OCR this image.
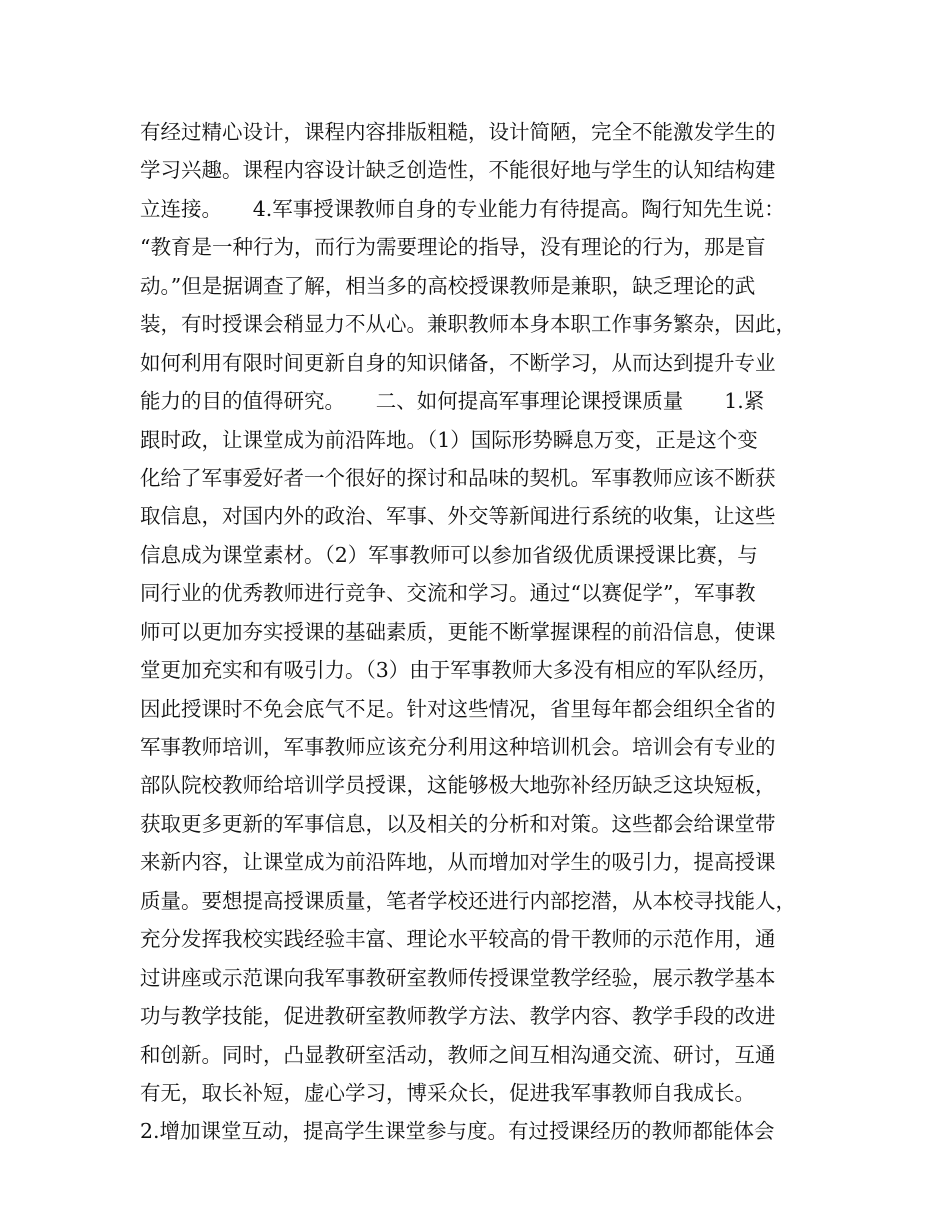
有经过精心设计，课程内容排版粗糙，设计简陋，完全不能激发学生的
学习兴趣。课程内容设计缺乏创造性，不能很好地与学生的认知结构建
立连接。　　4.军事授课教师自身的专业能力有待提高。陶行知先生说：
“教育是一种行为，而行为需要理论的指导，没有理论的行为，那是盲
动。”但是据调查了解，相当多的高校授课教师是兼职，缺乏理论的武
装，有时授课会稍显力不从心。兼职教师本身本职工作事务繁杂，因此，
如何利用有限时间更新自身的知识储备，不断学习，从而达到提升专业
能力的目的值得研究。　　二、如何提高军事理论课授课质量　　1.紧
跟时政，让课堂成为前沿阵地。（1）国际形势瞬息万变，正是这个变
化给了军事爱好者一个很好的探讨和品味的契机。军事教师应该不断获
取信息，对国内外的政治、军事、外交等新闻进行系统的收集，让这些
信息成为课堂素材。（2）军事教师可以参加省级优质课授课比赛，与
同行业的优秀教师进行竞争、交流和学习。通过“以赛促学”，军事教
师可以更加夯实授课的基础素质，更能不断掌握课程的前沿信息，使课
堂更加充实和有吸引力。（3）由于军事教师大多没有相应的军队经历，
因此授课时不免会底气不足。针对这些情况，省里每年都会组织全省的
军事教师培训，军事教师应该充分利用这种培训机会。培训会有专业的
部队院校教师给培训学员授课，这能够极大地弥补经历缺乏这块短板，
获取更多更新的军事信息，以及相关的分析和对策。这些都会给课堂带
来新内容，让课堂成为前沿阵地，从而增加对学生的吸引力，提高授课
质量。要想提高授课质量，笔者学校还进行内部挖潜，从本校寻找能人，
充分发挥我校实践经验丰富、理论水平较高的骨干教师的示范作用，通
过讲座或示范课向我军事教研室教师传授课堂教学经验，展示教学基本
功与教学技能，促进教研室教师教学方法、教学内容、教学手段的改进
和创新。同时，凸显教研室活动，教师之间互相沟通交流、研讨，互通
有无，取长补短，虚心学习，博采众长，促进我军事教师自我成长。
2.增加课堂互动，提高学生课堂参与度。有过授课经历的教师都能体会
